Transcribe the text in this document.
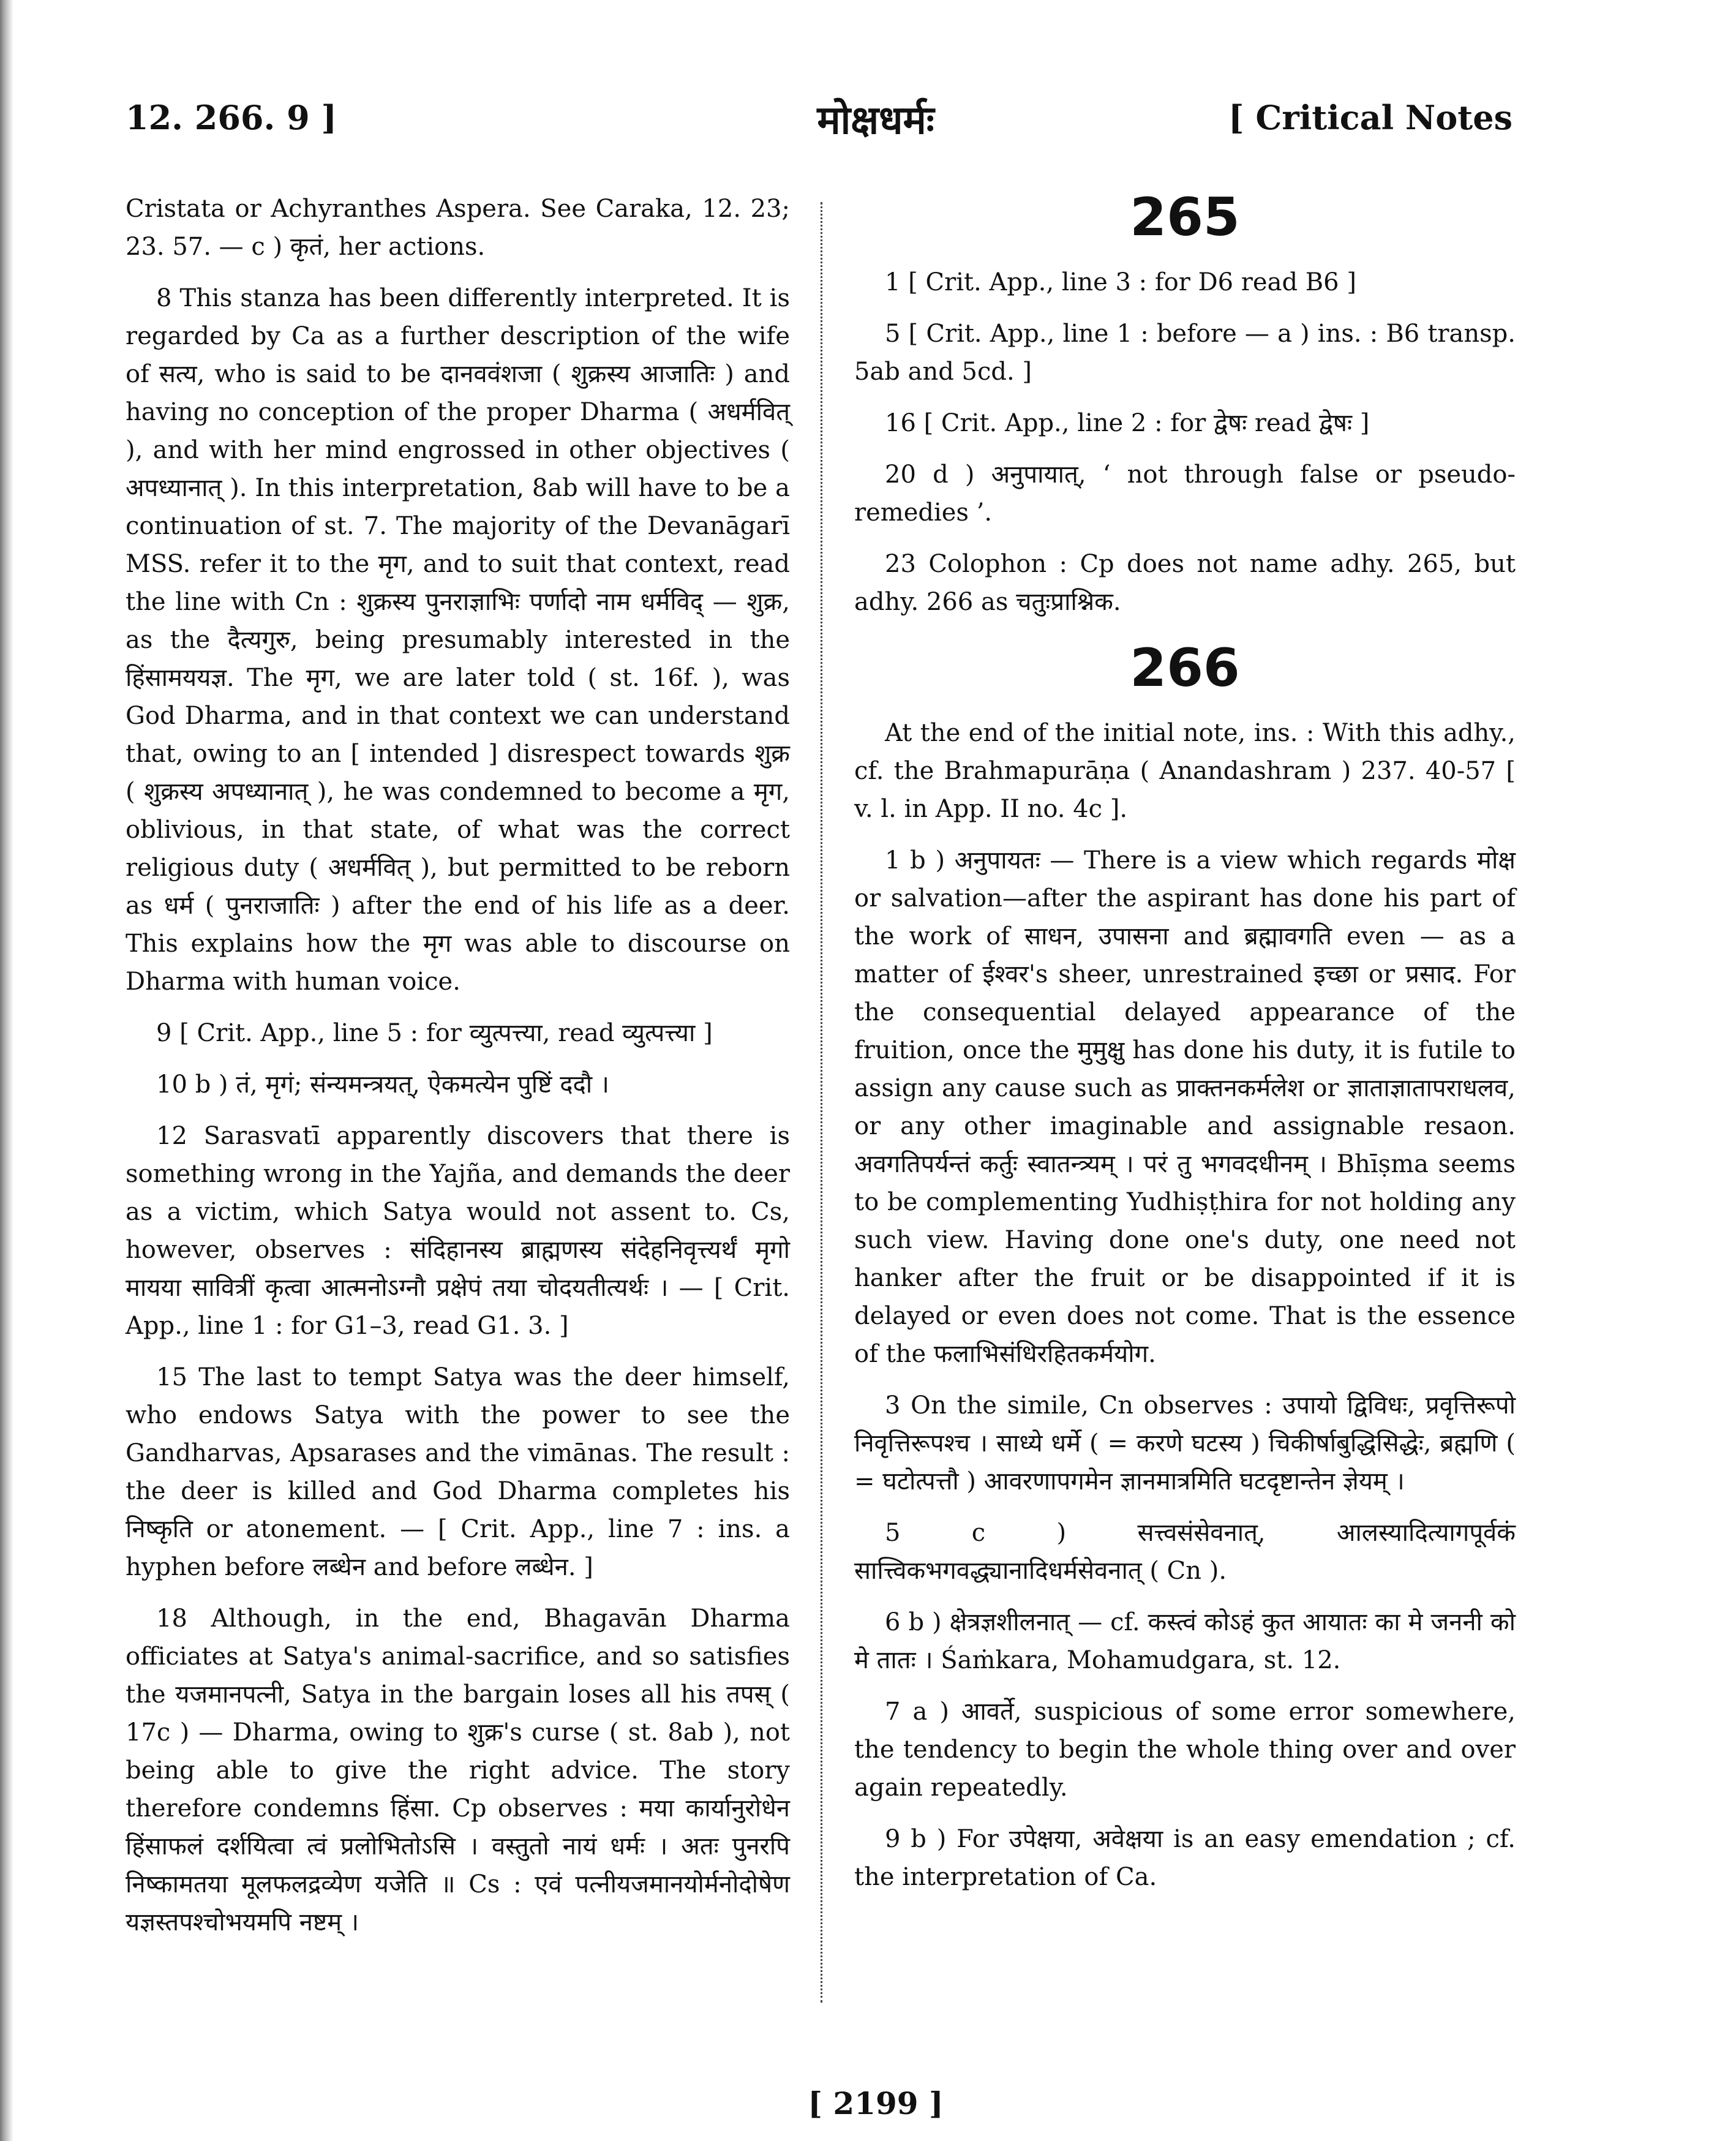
12. 266. 9 ]	मोक्षधर्मः	[ Critical Notes

Cristata or Achyranthes Aspera. See Caraka, 12. 23; 23. 57. — c ) कृतं, her actions.

8 This stanza has been differently interpreted. It is regarded by Ca as a further description of the wife of सत्य, who is said to be दानववंशजा ( शुक्रस्य आजातिः ) and having no conception of the proper Dharma ( अधर्मवित् ), and with her mind engrossed in other objectives ( अपध्यानात् ). In this interpretation, 8ab will have to be a continuation of st. 7. The majority of the Devanāgarī MSS. refer it to the मृग, and to suit that context, read the line with Cn : शुक्रस्य पुनराज्ञाभिः पर्णादो नाम धर्मविद् — शुक्र, as the दैत्यगुरु, being presumably interested in the हिंसामययज्ञ. The मृग, we are later told ( st. 16f. ), was God Dharma, and in that context we can understand that, owing to an [ intended ] disrespect towards शुक्र ( शुक्रस्य अपध्यानात् ), he was condemned to become a मृग, oblivious, in that state, of what was the correct religious duty ( अधर्मवित् ), but permitted to be reborn as धर्म ( पुनराजातिः ) after the end of his life as a deer. This explains how the मृग was able to discourse on Dharma with human voice.

9 [ Crit. App., line 5 : for व्युत्पत्त्या, read व्युत्पत्त्या ]

10 b ) तं, मृगं; संन्यमन्त्रयत्, ऐकमत्येन पुष्टिं ददौ ।

12 Sarasvatī apparently discovers that there is something wrong in the Yajña, and demands the deer as a victim, which Satya would not assent to. Cs, however, observes : संदिहानस्य ब्राह्मणस्य संदेहनिवृत्त्यर्थं मृगो मायया सावित्रीं कृत्वा आत्मनोऽग्नौ प्रक्षेपं तया चोदयतीत्यर्थः । — [ Crit. App., line 1 : for G1–3, read G1. 3. ]

15 The last to tempt Satya was the deer himself, who endows Satya with the power to see the Gandharvas, Apsarases and the vimānas. The result : the deer is killed and God Dharma completes his निष्कृति or atonement. — [ Crit. App., line 7 : ins. a hyphen before लब्धेन and before लब्धेन. ]

18 Although, in the end, Bhagavān Dharma officiates at Satya's animal-sacrifice, and so satisfies the यजमानपत्नी, Satya in the bargain loses all his तपस् ( 17c ) — Dharma, owing to शुक्र's curse ( st. 8ab ), not being able to give the right advice. The story therefore condemns हिंसा. Cp observes : मया कार्यानुरोधेन हिंसाफलं दर्शयित्वा त्वं प्रलोभितोऽसि । वस्तुतो नायं धर्मः । अतः पुनरपि निष्कामतया मूलफलद्रव्येण यजेति ॥ Cs : एवं पत्नीयजमानयोर्मनोदोषेण यज्ञस्तपश्चोभयमपि नष्टम् ।

265

1 [ Crit. App., line 3 : for D6 read B6 ]

5 [ Crit. App., line 1 : before — a ) ins. : B6 transp. 5ab and 5cd. ]

16 [ Crit. App., line 2 : for द्वेषः read द्वेषः ]

20 d ) अनुपायात्, ‘ not through false or pseudo-remedies ’.

23 Colophon : Cp does not name adhy. 265, but adhy. 266 as चतुःप्राश्निक.

266

At the end of the initial note, ins. : With this adhy., cf. the Brahmapurāṇa ( Anandashram ) 237. 40-57 [ v. l. in App. II no. 4c ].

1 b ) अनुपायतः — There is a view which regards मोक्ष or salvation—after the aspirant has done his part of the work of साधन, उपासना and ब्रह्मावगति even — as a matter of ईश्वर's sheer, unrestrained इच्छा or प्रसाद. For the consequential delayed appearance of the fruition, once the मुमुक्षु has done his duty, it is futile to assign any cause such as प्राक्तनकर्मलेश or ज्ञाताज्ञातापराधलव, or any other imaginable and assignable resaon. अवगतिपर्यन्तं कर्तुः स्वातन्त्र्यम् । परं तु भगवदधीनम् । Bhīṣma seems to be complementing Yudhiṣṭhira for not holding any such view. Having done one's duty, one need not hanker after the fruit or be disappointed if it is delayed or even does not come. That is the essence of the फलाभिसंधिरहितकर्मयोग.

3 On the simile, Cn observes : उपायो द्विविधः, प्रवृत्तिरूपो निवृत्तिरूपश्च । साध्ये धर्मे ( = करणे घटस्य ) चिकीर्षाबुद्धिसिद्धेः, ब्रह्मणि ( = घटोत्पत्तौ ) आवरणापगमेन ज्ञानमात्रमिति घटदृष्टान्तेन ज्ञेयम् ।

5 c ) सत्त्वसंसेवनात्, आलस्यादित्यागपूर्वकं सात्त्विकभगवद्ध्यानादिधर्मसेवनात् ( Cn ).

6 b ) क्षेत्रज्ञशीलनात् — cf. कस्त्वं कोऽहं कुत आयातः का मे जननी को मे तातः । Śaṁkara, Mohamudgara, st. 12.

7 a ) आवर्ते, suspicious of some error somewhere, the tendency to begin the whole thing over and over again repeatedly.

9 b ) For उपेक्षया, अवेक्षया is an easy emendation ; cf. the interpretation of Ca.

[ 2199 ]
